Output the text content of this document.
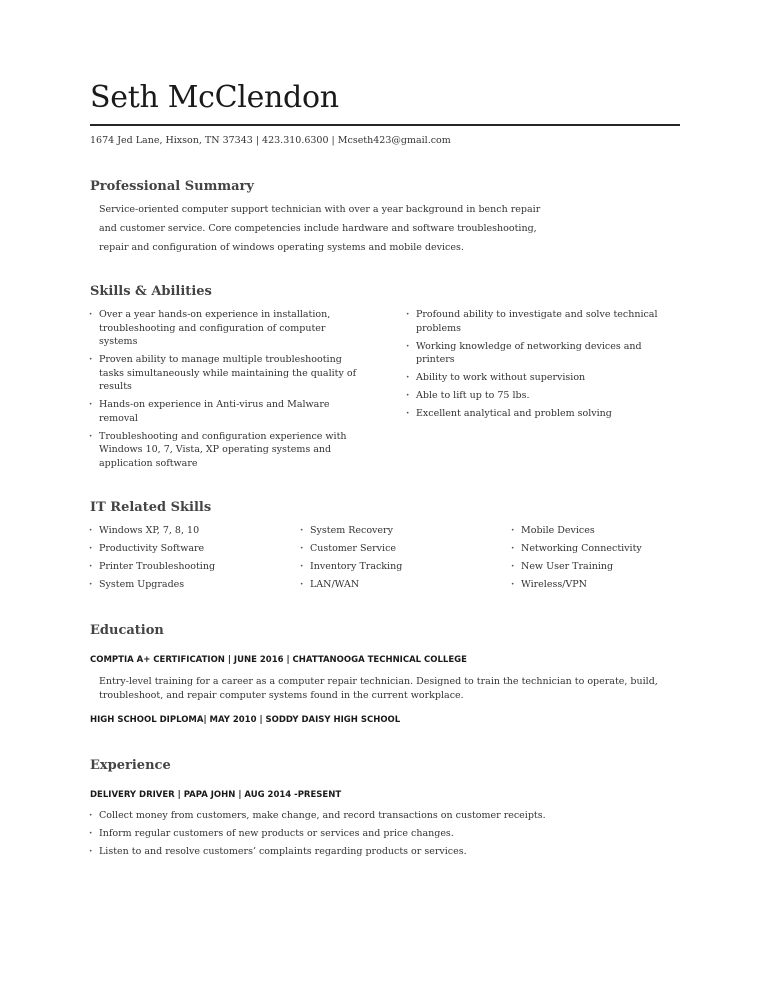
Seth McClendon
1674 Jed Lane, Hixson, TN 37343 | 423.310.6300 | Mcseth423@gmail.com
Professional Summary
Service-oriented computer support technician with over a year background in bench repair
and customer service. Core competencies include hardware and software troubleshooting,
repair and configuration of windows operating systems and mobile devices.
Skills & Abilities
· Over a year hands-on experience in installation, troubleshooting and configuration of computer systems
· Proven ability to manage multiple troubleshooting tasks simultaneously while maintaining the quality of results
· Hands-on experience in Anti-virus and Malware removal
· Troubleshooting and configuration experience with Windows 10, 7, Vista, XP operating systems and application software
· Profound ability to investigate and solve technical problems
· Working knowledge of networking devices and printers
· Ability to work without supervision
· Able to lift up to 75 lbs.
· Excellent analytical and problem solving
IT Related Skills
· Windows XP, 7, 8, 10
· Productivity Software
· Printer Troubleshooting
· System Upgrades
· System Recovery
· Customer Service
· Inventory Tracking
· LAN/WAN
· Mobile Devices
· Networking Connectivity
· New User Training
· Wireless/VPN
Education
COMPTIA A+ CERTIFICATION | JUNE 2016 | CHATTANOOGA TECHNICAL COLLEGE
Entry-level training for a career as a computer repair technician. Designed to train the technician to operate, build, troubleshoot, and repair computer systems found in the current workplace.
HIGH SCHOOL DIPLOMA| MAY 2010 | SODDY DAISY HIGH SCHOOL
Experience
DELIVERY DRIVER | PAPA JOHN | AUG 2014 -PRESENT
· Collect money from customers, make change, and record transactions on customer receipts.
· Inform regular customers of new products or services and price changes.
· Listen to and resolve customers’ complaints regarding products or services.
